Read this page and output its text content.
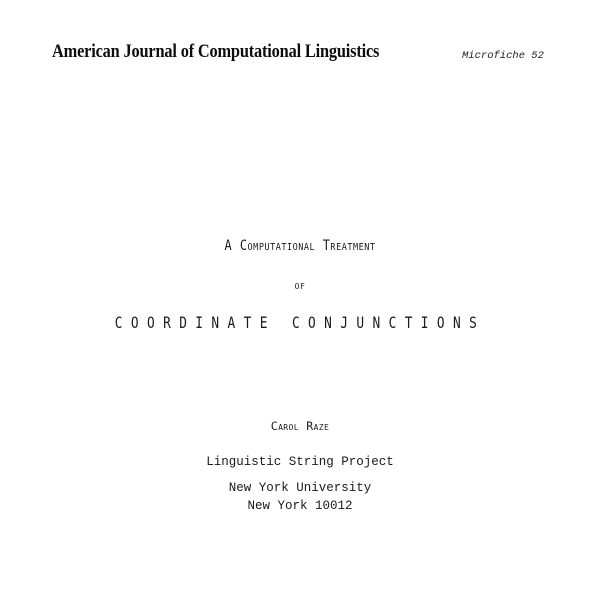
American Journal of Computational Linguistics	Microfiche 52
A Computational Treatment
of
COORDINATE CONJUNCTIONS
Carol Raze
Linguistic String Project
New York University
New York 10012
